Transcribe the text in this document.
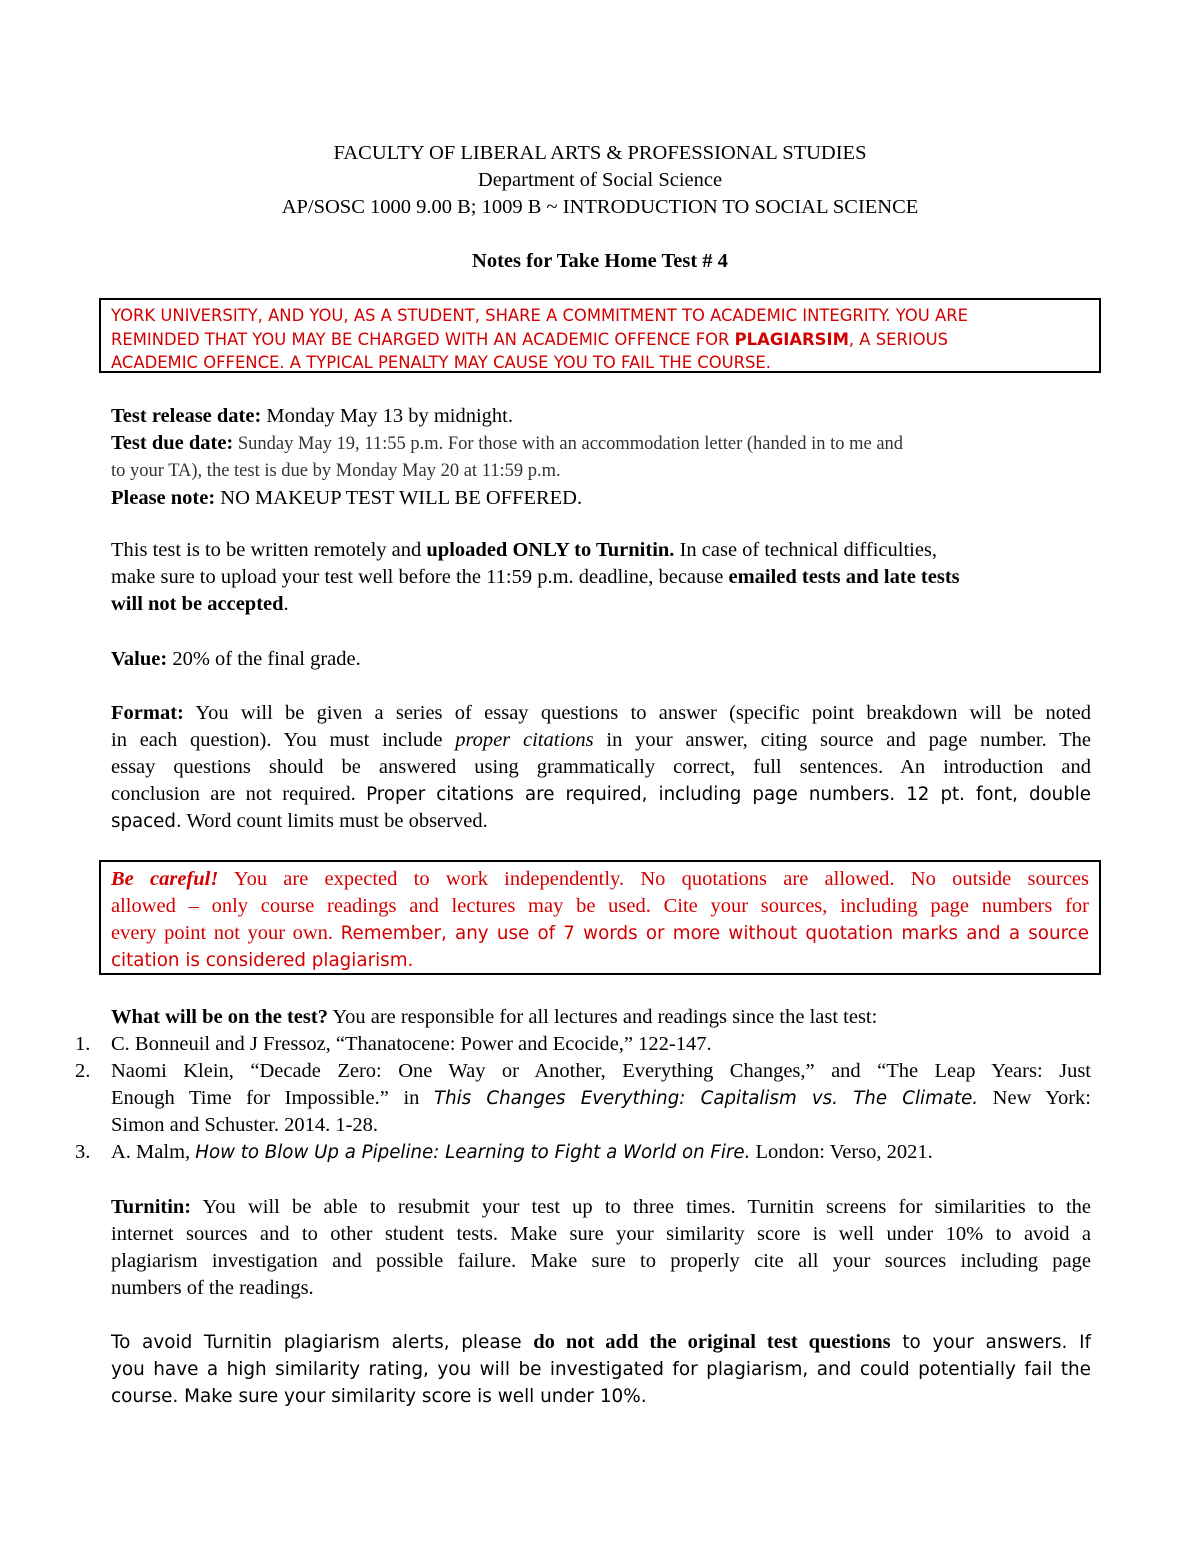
FACULTY OF LIBERAL ARTS & PROFESSIONAL STUDIES
Department of Social Science
AP/SOSC 1000 9.00 B; 1009 B ~ INTRODUCTION TO SOCIAL SCIENCE
Notes for Take Home Test # 4
YORK UNIVERSITY, AND YOU, AS A STUDENT, SHARE A COMMITMENT TO ACADEMIC INTEGRITY. YOU ARE
REMINDED THAT YOU MAY BE CHARGED WITH AN ACADEMIC OFFENCE FOR PLAGIARSIM, A SERIOUS
ACADEMIC OFFENCE. A TYPICAL PENALTY MAY CAUSE YOU TO FAIL THE COURSE.
Test release date: Monday May 13 by midnight.
Test due date: Sunday May 19, 11:55 p.m. For those with an accommodation letter (handed in to me and
to your TA), the test is due by Monday May 20 at 11:59 p.m.
Please note: NO MAKEUP TEST WILL BE OFFERED.
This test is to be written remotely and uploaded ONLY to Turnitin. In case of technical difficulties,
make sure to upload your test well before the 11:59 p.m. deadline, because emailed tests and late tests
will not be accepted.
Value: 20% of the final grade.
Format: You will be given a series of essay questions to answer (specific point breakdown will be noted
in each question). You must include proper citations in your answer, citing source and page number. The
essay questions should be answered using grammatically correct, full sentences. An introduction and
conclusion are not required. Proper citations are required, including page numbers. 12 pt. font, double
spaced. Word count limits must be observed.
Be careful! You are expected to work independently. No quotations are allowed. No outside sources
allowed – only course readings and lectures may be used. Cite your sources, including page numbers for
every point not your own. Remember, any use of 7 words or more without quotation marks and a source
citation is considered plagiarism.
What will be on the test? You are responsible for all lectures and readings since the last test:
1. C. Bonneuil and J Fressoz, “Thanatocene: Power and Ecocide,” 122-147.
2. Naomi Klein, “Decade Zero: One Way or Another, Everything Changes,” and “The Leap Years: Just
Enough Time for Impossible.” in This Changes Everything: Capitalism vs. The Climate. New York:
Simon and Schuster. 2014. 1-28.
3. A. Malm, How to Blow Up a Pipeline: Learning to Fight a World on Fire. London: Verso, 2021.
Turnitin: You will be able to resubmit your test up to three times. Turnitin screens for similarities to the
internet sources and to other student tests. Make sure your similarity score is well under 10% to avoid a
plagiarism investigation and possible failure. Make sure to properly cite all your sources including page
numbers of the readings.
To avoid Turnitin plagiarism alerts, please do not add the original test questions to your answers. If
you have a high similarity rating, you will be investigated for plagiarism, and could potentially fail the
course. Make sure your similarity score is well under 10%.
